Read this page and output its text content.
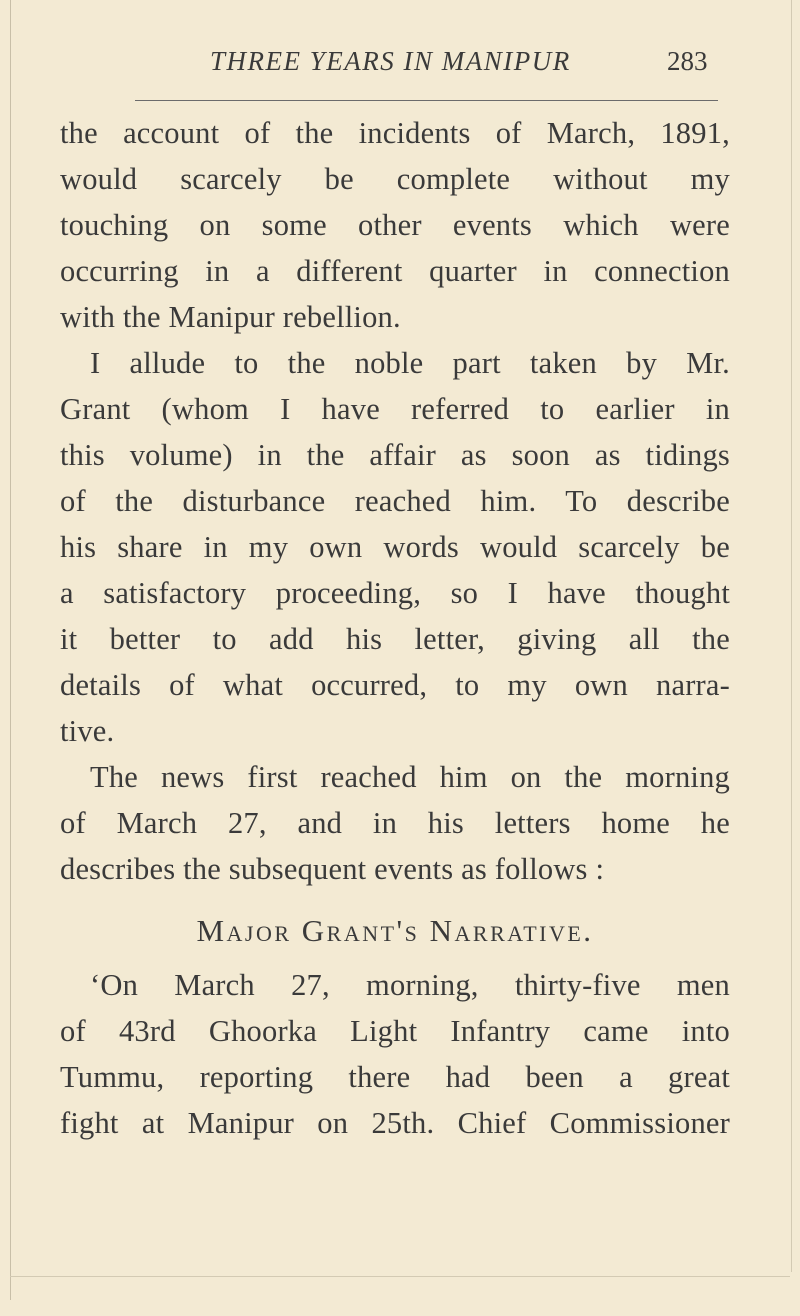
THREE YEARS IN MANIPUR	283
the account of the incidents of March, 1891,
would scarcely be complete without my
touching on some other events which were
occurring in a different quarter in connection
with the Manipur rebellion.
I allude to the noble part taken by Mr.
Grant (whom I have referred to earlier in
this volume) in the affair as soon as tidings
of the disturbance reached him. To describe
his share in my own words would scarcely be
a satisfactory proceeding, so I have thought
it better to add his letter, giving all the
details of what occurred, to my own narra-
tive.
The news first reached him on the morning
of March 27, and in his letters home he
describes the subsequent events as follows :
Major Grant's Narrative.
‘On March 27, morning, thirty-five men
of 43rd Ghoorka Light Infantry came into
Tummu, reporting there had been a great
fight at Manipur on 25th. Chief Commissioner
